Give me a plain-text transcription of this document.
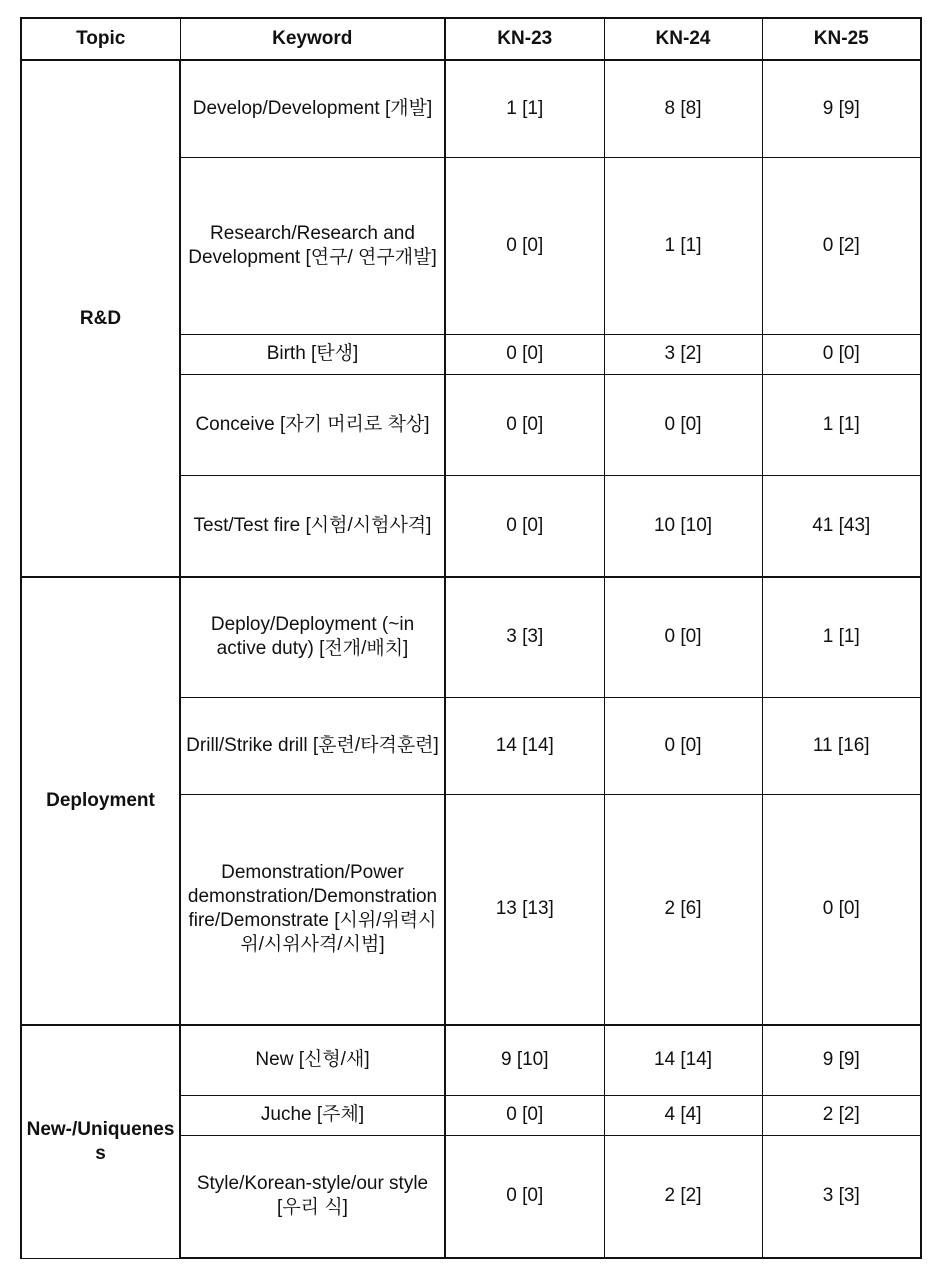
Topic	Keyword	KN-23	KN-24	KN-25
R&D	Develop/Development [개발]	1 [1]	8 [8]	9 [9]
	Research/Research and Development [연구/ 연구개발]	0 [0]	1 [1]	0 [2]
	Birth [탄생]	0 [0]	3 [2]	0 [0]
	Conceive [자기 머리로 착상]	0 [0]	0 [0]	1 [1]
	Test/Test fire [시험/시험사격]	0 [0]	10 [10]	41 [43]
Deployment	Deploy/Deployment (~in active duty) [전개/배치]	3 [3]	0 [0]	1 [1]
	Drill/Strike drill [훈련/타격훈련]	14 [14]	0 [0]	11 [16]
	Demonstration/Power demonstration/Demonstration fire/Demonstrate [시위/위력시위/시위사격/시범]	13 [13]	2 [6]	0 [0]
New-/Uniqueness	New [신형/새]	9 [10]	14 [14]	9 [9]
	Juche [주체]	0 [0]	4 [4]	2 [2]
	Style/Korean-style/our style [우리 식]	0 [0]	2 [2]	3 [3]
